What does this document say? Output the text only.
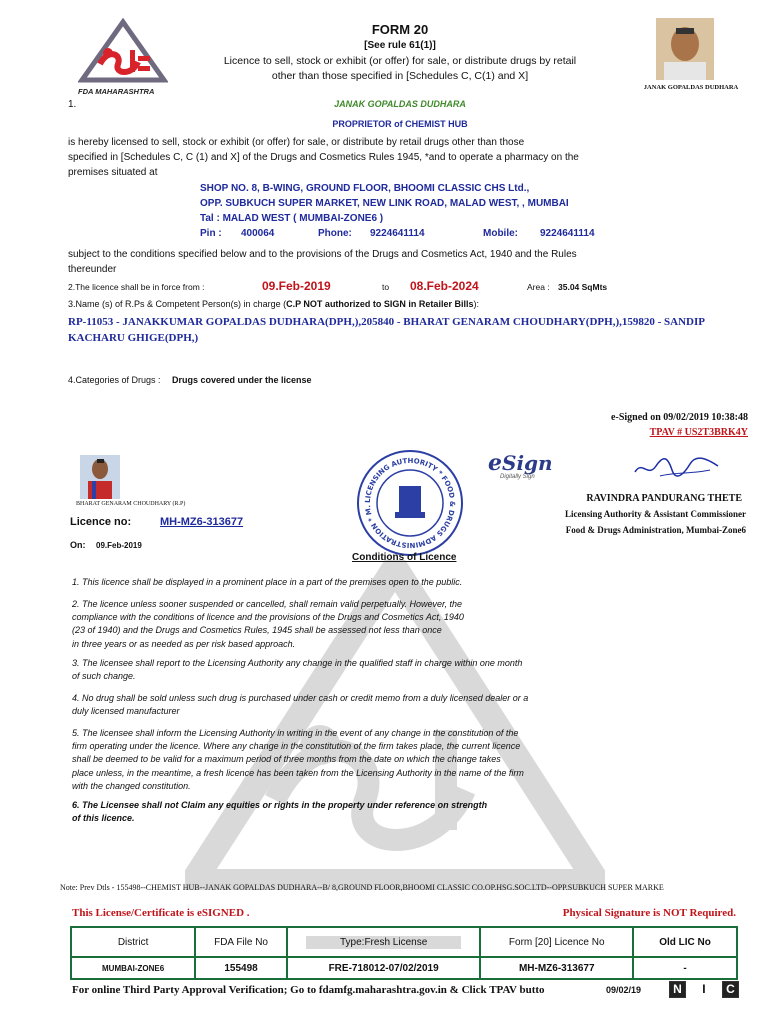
FDA MAHARASHTRA
FORM 20
[See rule 61(1)]
Licence to sell, stock or exhibit (or offer) for sale, or distribute drugs by retail
other than those specified in [Schedules C, C(1) and X]
JANAK GOPALDAS DUDHARA
1.	JANAK GOPALDAS DUDHARA
PROPRIETOR of CHEMIST HUB
is hereby licensed to sell, stock or exhibit (or offer) for sale, or distribute by retail drugs other than those
specified in [Schedules C, C (1) and X] of the Drugs and Cosmetics Rules 1945, *and to operate a pharmacy on the
premises situated at
SHOP NO. 8, B-WING, GROUND FLOOR, BHOOMI CLASSIC CHS Ltd.,
OPP. SUBKUCH SUPER MARKET, NEW LINK ROAD, MALAD WEST, , MUMBAI
Tal : MALAD WEST ( MUMBAI-ZONE6 )
Pin : 400064	Phone: 9224641114	Mobile: 9224641114
subject to the conditions specified below and to the provisions of the Drugs and Cosmetics Act, 1940 and the Rules
thereunder
2.The licence shall be in force from :	09.Feb-2019	to 08.Feb-2024	Area : 35.04 SqMts
3.Name (s) of R.Ps & Competent Person(s) in charge (C.P NOT authorized to SIGN in Retailer Bills):
RP-11053 - JANAKKUMAR GOPALDAS DUDHARA(DPH,),205840 - BHARAT GENARAM CHOUDHARY(DPH,),159820 - SANDIP
KACHARU GHIGE(DPH,)
4.Categories of Drugs : Drugs covered under the license
e-Signed on 09/02/2019 10:38:48
TPAV # US2T3BRK4Y
BHARAT GENARAM CHOUDHARY (R.P)
LICENSING AUTHORITY * FOOD & DRUGS ADMINISTRATION * M.
eSign
Digitally Sign
RAVINDRA PANDURANG THETE
Licensing Authority & Assistant Commissioner
Food & Drugs Administration, Mumbai-Zone6
Licence no:	MH-MZ6-313677
On: 09.Feb-2019
Conditions of Licence
1. This licence shall be displayed in a prominent place in a part of the premises open to the public.
2. The licence unless sooner suspended or cancelled, shall remain valid perpetually. However, the
compliance with the conditions of licence and the provisions of the Drugs and Cosmetics Act, 1940
(23 of 1940) and the Drugs and Cosmetics Rules, 1945 shall be assessed not less than once
in three years or as needed as per risk based approach.
3. The licensee shall report to the Licensing Authority any change in the qualified staff in charge within one month
of such change.
4. No drug shall be sold unless such drug is purchased under cash or credit memo from a duly licensed dealer or a
duly licensed manufacturer
5. The licensee shall inform the Licensing Authority in writing in the event of any change in the constitution of the
firm operating under the licence. Where any change in the constitution of the firm takes place, the current licence
shall be deemed to be valid for a maximum period of three months from the date on which the change takes
place unless, in the meantime, a fresh licence has been taken from the Licensing Authority in the name of the firm
with the changed constitution.
6. The Licensee shall not Claim any equities or rights in the property under reference on strength
of this licence.
Note: Prev Dtls - 155498--CHEMIST HUB--JANAK GOPALDAS DUDHARA--B/ 8,GROUND FLOOR,BHOOMI CLASSIC CO.OP.HSG.SOC.LTD--OPP.SUBKUCH SUPER MARKE
This License/Certificate is eSIGNED .	Physical Signature is NOT Required.
District	FDA File No	Type:Fresh License	Form [20] Licence No	Old LIC No
MUMBAI-ZONE6	155498	FRE-718012-07/02/2019	MH-MZ6-313677	-
For online Third Party Approval Verification; Go to fdamfg.maharashtra.gov.in & Click TPAV butto	09/02/19	N I C
